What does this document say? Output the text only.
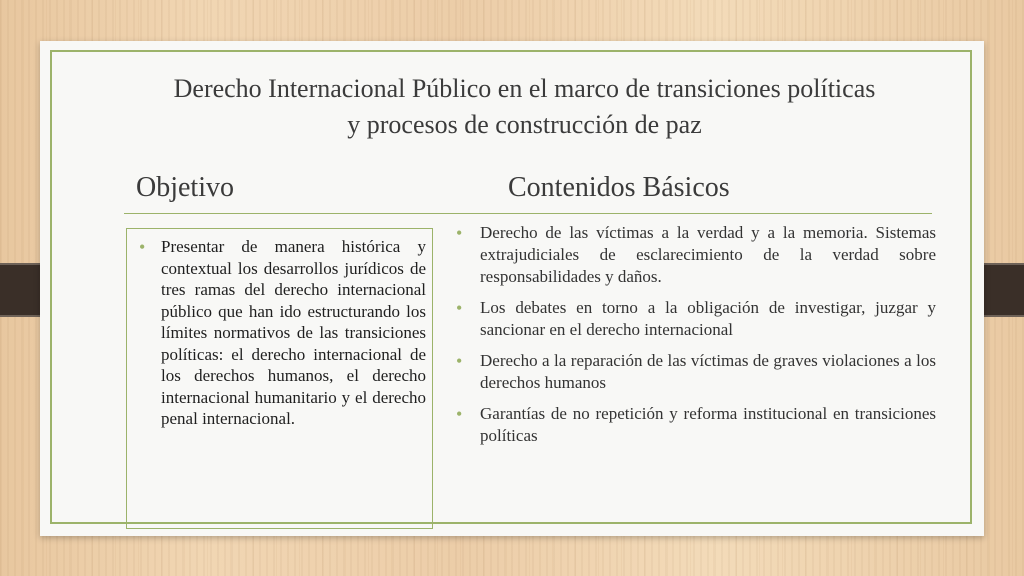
Derecho Internacional Público en el marco de transiciones políticas
y procesos de construcción de paz
Objetivo	Contenidos Básicos
• Presentar de manera histórica y contextual los desarrollos jurídicos de tres ramas del derecho internacional público que han ido estructurando los límites normativos de las transiciones políticas: el derecho internacional de los derechos humanos, el derecho internacional humanitario y el derecho penal internacional.
•	Derecho de las víctimas a la verdad y a la memoria. Sistemas extrajudiciales de esclarecimiento de la verdad sobre responsabilidades y daños.
•	Los debates en torno a la obligación de investigar, juzgar y sancionar en el derecho internacional
•	Derecho a la reparación de las víctimas de graves violaciones a los derechos humanos
•	Garantías de no repetición y reforma institucional en transiciones políticas
